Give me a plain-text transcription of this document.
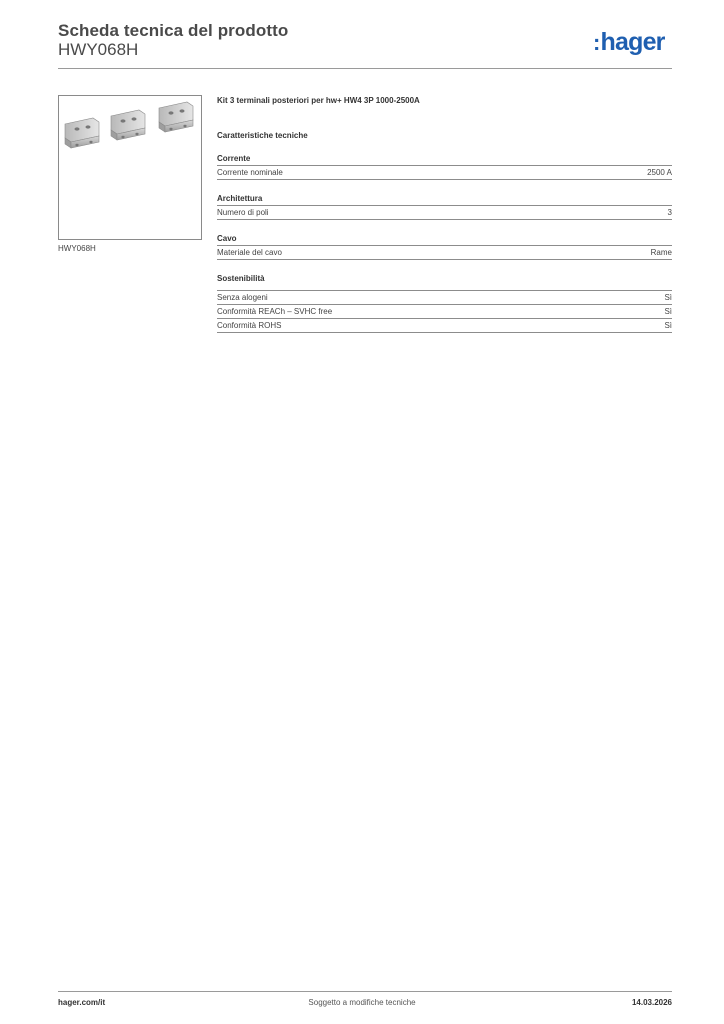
Scheda tecnica del prodotto
HWY068H	:hager
HWY068H
Kit 3 terminali posteriori per hw+ HW4 3P 1000-2500A
Caratteristiche tecniche
Corrente
Corrente nominale	2500 A
Architettura
Numero di poli	3
Cavo
Materiale del cavo	Rame
Sostenibilità
Senza alogeni	Sì
Conformità REACh – SVHC free	Sì
Conformità ROHS	Sì
hager.com/it	Soggetto a modifiche tecniche	14.03.2026
